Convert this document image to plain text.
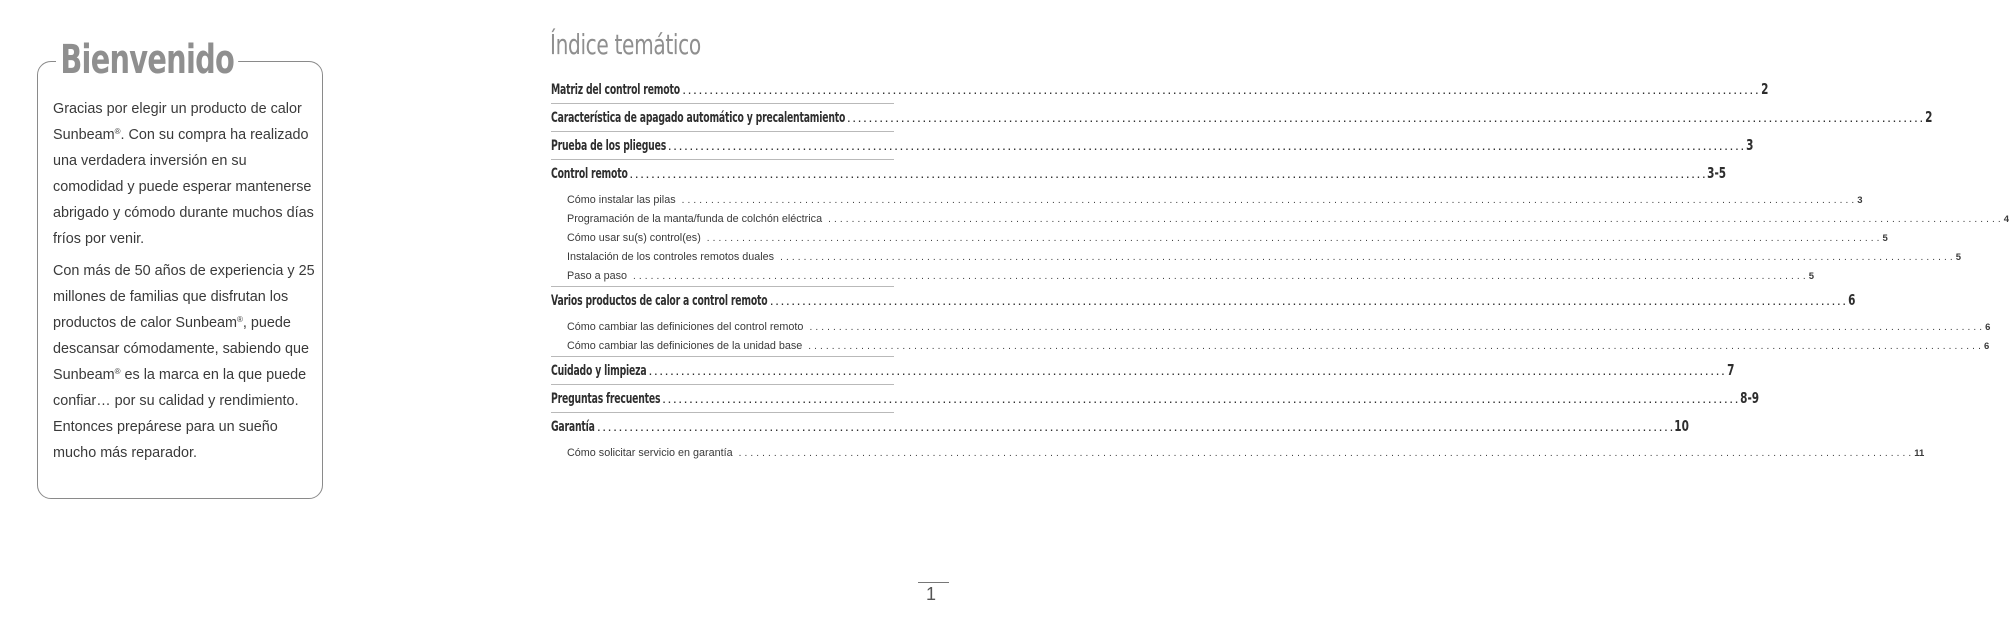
Bienvenido

Gracias por elegir un producto de calor Sunbeam®. Con su compra ha realizado una verdadera inversión en su comodidad y puede esperar mantenerse abrigado y cómodo durante muchos días fríos por venir.

Con más de 50 años de experiencia y 25 millones de familias que disfrutan los productos de calor Sunbeam®, puede descansar cómodamente, sabiendo que Sunbeam® es la marca en la que puede confiar… por su calidad y rendimiento. Entonces prepárese para un sueño mucho más reparador.

Índice temático
Matriz del control remoto ........................................................................................................................................................................................................ 2
Característica de apagado automático y precalentamiento ........................................................................................................................................................................................................ 2
Prueba de los pliegues ........................................................................................................................................................................................................ 3
Control remoto ........................................................................................................................................................................................................ 3-5
Cómo instalar las pilas ........................................................................................................................................................................................................ 3
Programación de la manta/funda de colchón eléctrica ........................................................................................................................................................................................................ 4
Cómo usar su(s) control(es) ........................................................................................................................................................................................................ 5
Instalación de los controles remotos duales ........................................................................................................................................................................................................ 5
Paso a paso ........................................................................................................................................................................................................ 5
Varios productos de calor a control remoto ........................................................................................................................................................................................................ 6
Cómo cambiar las definiciones del control remoto ........................................................................................................................................................................................................ 6
Cómo cambiar las definiciones de la unidad base ........................................................................................................................................................................................................ 6
Cuidado y limpieza ........................................................................................................................................................................................................ 7
Preguntas frecuentes ........................................................................................................................................................................................................ 8-9
Garantía ........................................................................................................................................................................................................ 10
Cómo solicitar servicio en garantía ........................................................................................................................................................................................................ 11
1
